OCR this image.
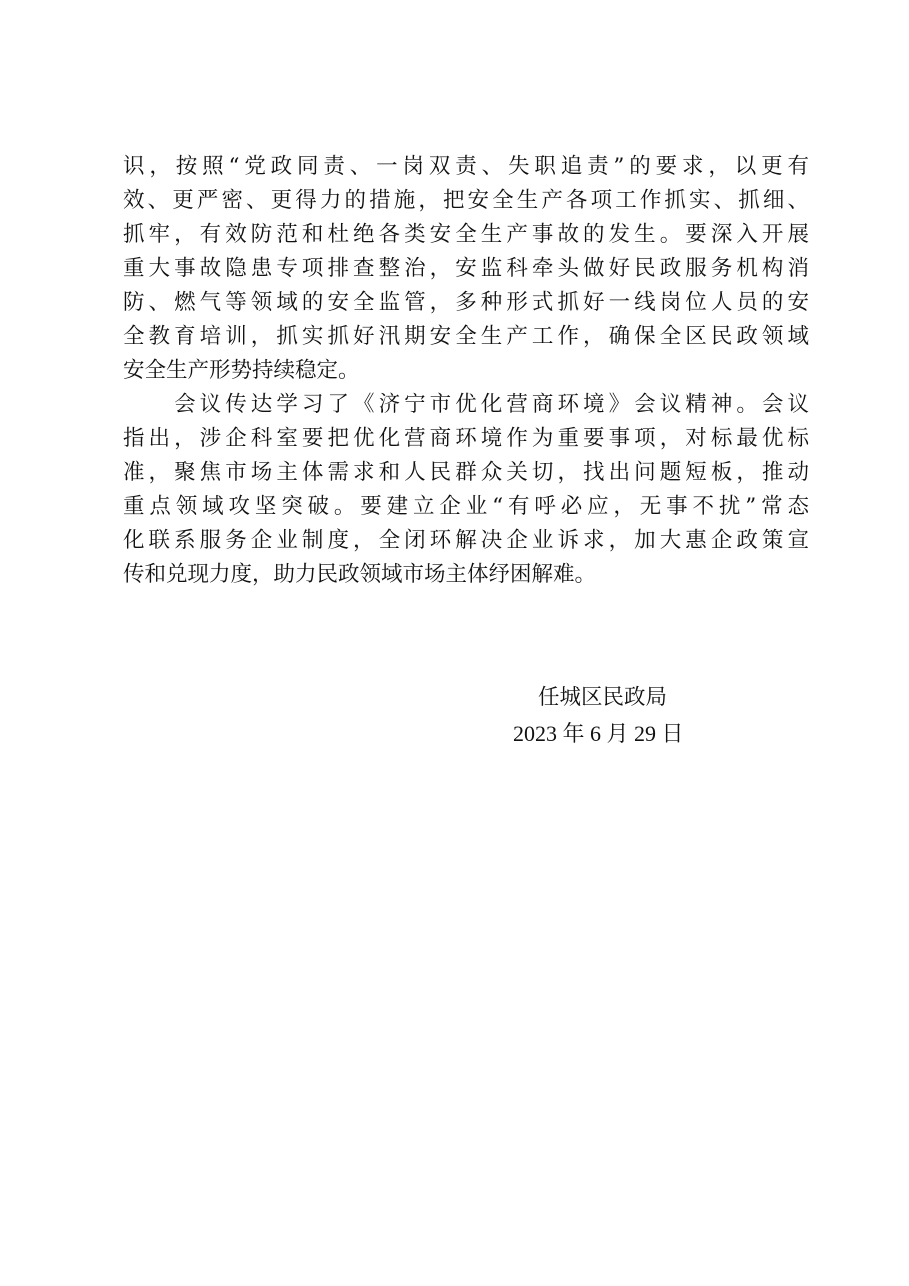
识，按照“党政同责、一岗双责、失职追责”的要求，以更有
效、更严密、更得力的措施，把安全生产各项工作抓实、抓细、
抓牢，有效防范和杜绝各类安全生产事故的发生。要深入开展
重大事故隐患专项排查整治，安监科牵头做好民政服务机构消
防、燃气等领域的安全监管，多种形式抓好一线岗位人员的安
全教育培训，抓实抓好汛期安全生产工作，确保全区民政领域
安全生产形势持续稳定。
　　会议传达学习了《济宁市优化营商环境》会议精神。会议
指出，涉企科室要把优化营商环境作为重要事项，对标最优标
准，聚焦市场主体需求和人民群众关切，找出问题短板，推动
重点领域攻坚突破。要建立企业“有呼必应，无事不扰”常态
化联系服务企业制度，全闭环解决企业诉求，加大惠企政策宣
传和兑现力度，助力民政领域市场主体纾困解难。
任城区民政局
2023 年 6 月 29 日
